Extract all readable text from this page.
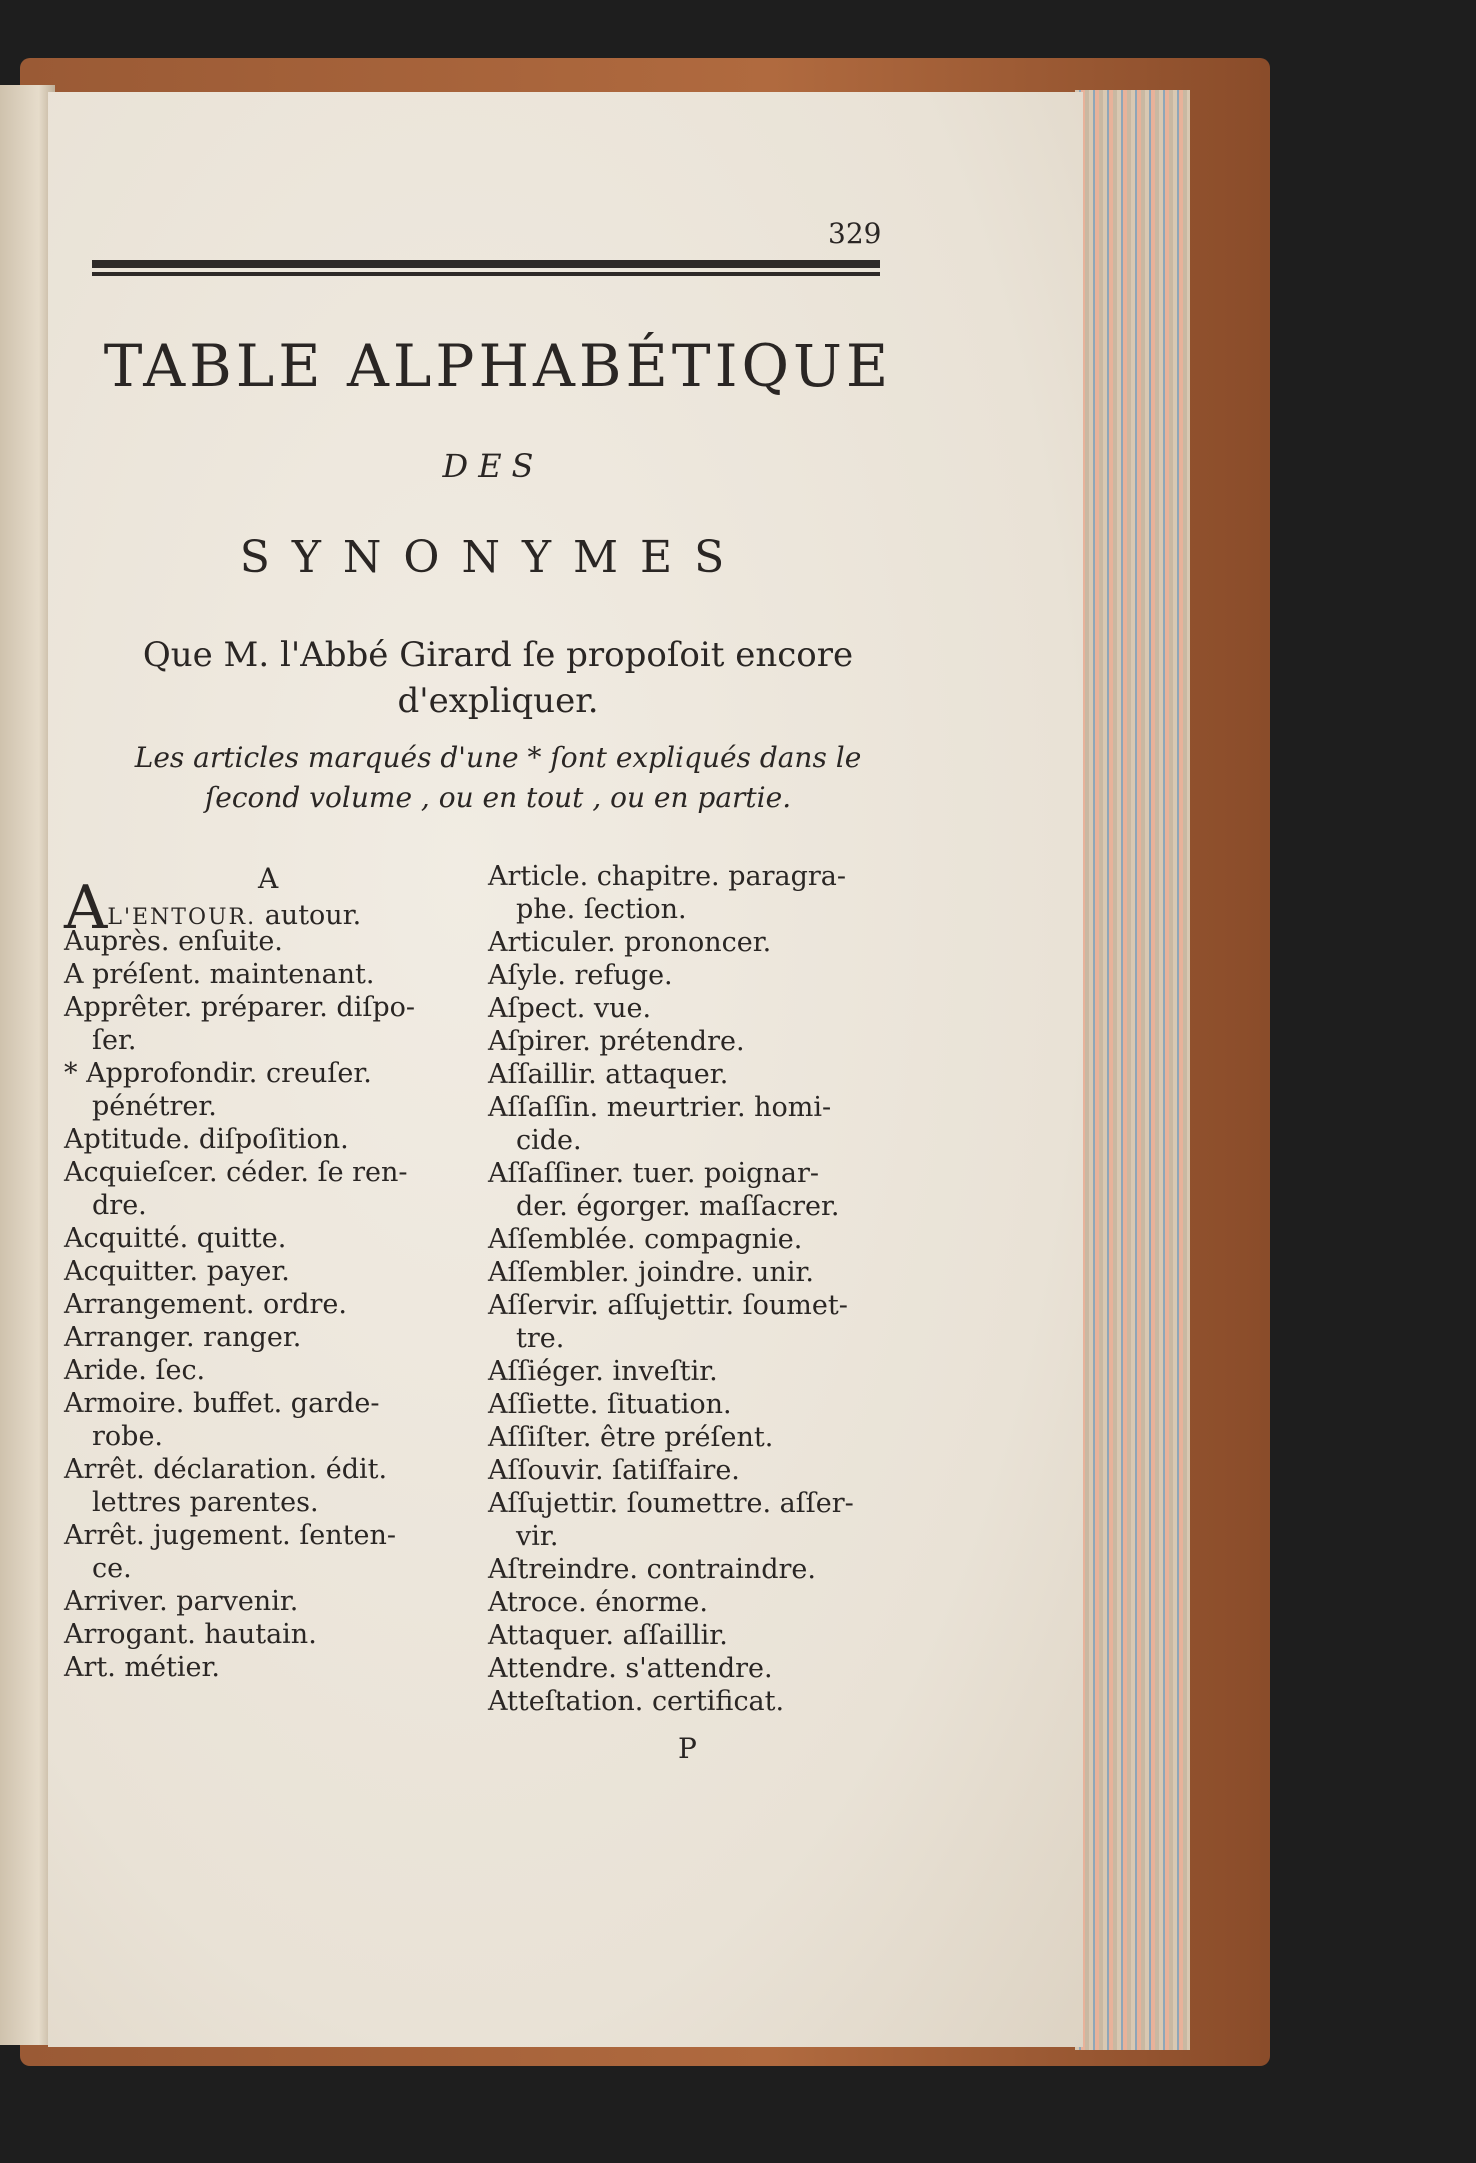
329
TABLE ALPHABÉTIQUE
DES
SYNONYMES
Que M. l'Abbé Girard ſe propoſoit encore
d'expliquer.
Les articles marqués d'une * ſont expliqués dans le
ſecond volume , ou en tout , ou en partie.
A
AL'ENTOUR. autour.
Auprès. enſuite.
A préſent. maintenant.
Apprêter. préparer. diſpo-
ſer.
* Approfondir. creuſer.
pénétrer.
Aptitude. diſpoſition.
Acquieſcer. céder. ſe ren-
dre.
Acquitté. quitte.
Acquitter. payer.
Arrangement. ordre.
Arranger. ranger.
Aride. ſec.
Armoire. buffet. garde-
robe.
Arrêt. déclaration. édit.
lettres parentes.
Arrêt. jugement. ſenten-
ce.
Arriver. parvenir.
Arrogant. hautain.
Art. métier.
Article. chapitre. paragra-
phe. ſection.
Articuler. prononcer.
Aſyle. refuge.
Aſpect. vue.
Aſpirer. prétendre.
Aſſaillir. attaquer.
Aſſaſſin. meurtrier. homi-
cide.
Aſſaſſiner. tuer. poignar-
der. égorger. maſſacrer.
Aſſemblée. compagnie.
Aſſembler. joindre. unir.
Aſſervir. aſſujettir. ſoumet-
tre.
Aſſiéger. inveſtir.
Aſſiette. ſituation.
Aſſiſter. être préſent.
Aſſouvir. ſatiſfaire.
Aſſujettir. ſoumettre. aſſer-
vir.
Aſtreindre. contraindre.
Atroce. énorme.
Attaquer. aſſaillir.
Attendre. s'attendre.
Atteſtation. certificat.
P
